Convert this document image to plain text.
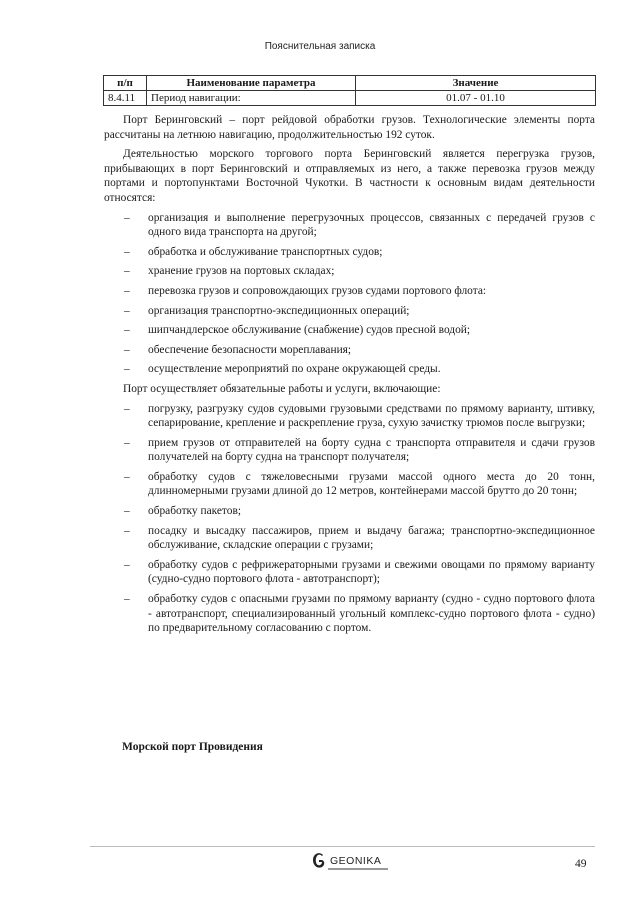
Пояснительная записка
п/п	Наименование параметра	Значение
8.4.11	Период навигации:	01.07 - 01.10

Порт Беринговский – порт рейдовой обработки грузов. Технологические элементы порта рассчитаны на летнюю навигацию, продолжительностью 192 суток.

Деятельностью морского торгового порта Беринговский является перегрузка грузов, прибывающих в порт Беринговский и отправляемых из него, а также перевозка грузов между портами и портопунктами Восточной Чукотки. В частности к основным видам деятельности относятся:

– организация и выполнение перегрузочных процессов, связанных с передачей грузов с одного вида транспорта на другой;
– обработка и обслуживание транспортных судов;
– хранение грузов на портовых складах;
– перевозка грузов и сопровождающих грузов судами портового флота:
– организация транспортно-экспедиционных операций;
– шипчандлерское обслуживание (снабжение) судов пресной водой;
– обеспечение безопасности мореплавания;
– осуществление мероприятий по охране окружающей среды.

Порт осуществляет обязательные работы и услуги, включающие:

– погрузку, разгрузку судов судовыми грузовыми средствами по прямому варианту, штивку, сепарирование, крепление и раскрепление груза, сухую зачистку трюмов после выгрузки;
– прием грузов от отправителей на борту судна с транспорта отправителя и сдачи грузов получателей на борту судна на транспорт получателя;
– обработку судов с тяжеловесными грузами массой одного места до 20 тонн, длинномерными грузами длиной до 12 метров, контейнерами массой брутто до 20 тонн;
– обработку пакетов;
– посадку и высадку пассажиров, прием и выдачу багажа; транспортно-экспедиционное обслуживание, складские операции с грузами;
– обработку судов с рефрижераторными грузами и свежими овощами по прямому варианту (судно-судно портового флота - автотранспорт);
– обработку судов с опасными грузами по прямому варианту (судно - судно портового флота - автотранспорт, специализированный угольный комплекс-судно портового флота - судно) по предварительному согласованию с портом.
Морской порт Провидения
GEONIKA	49
